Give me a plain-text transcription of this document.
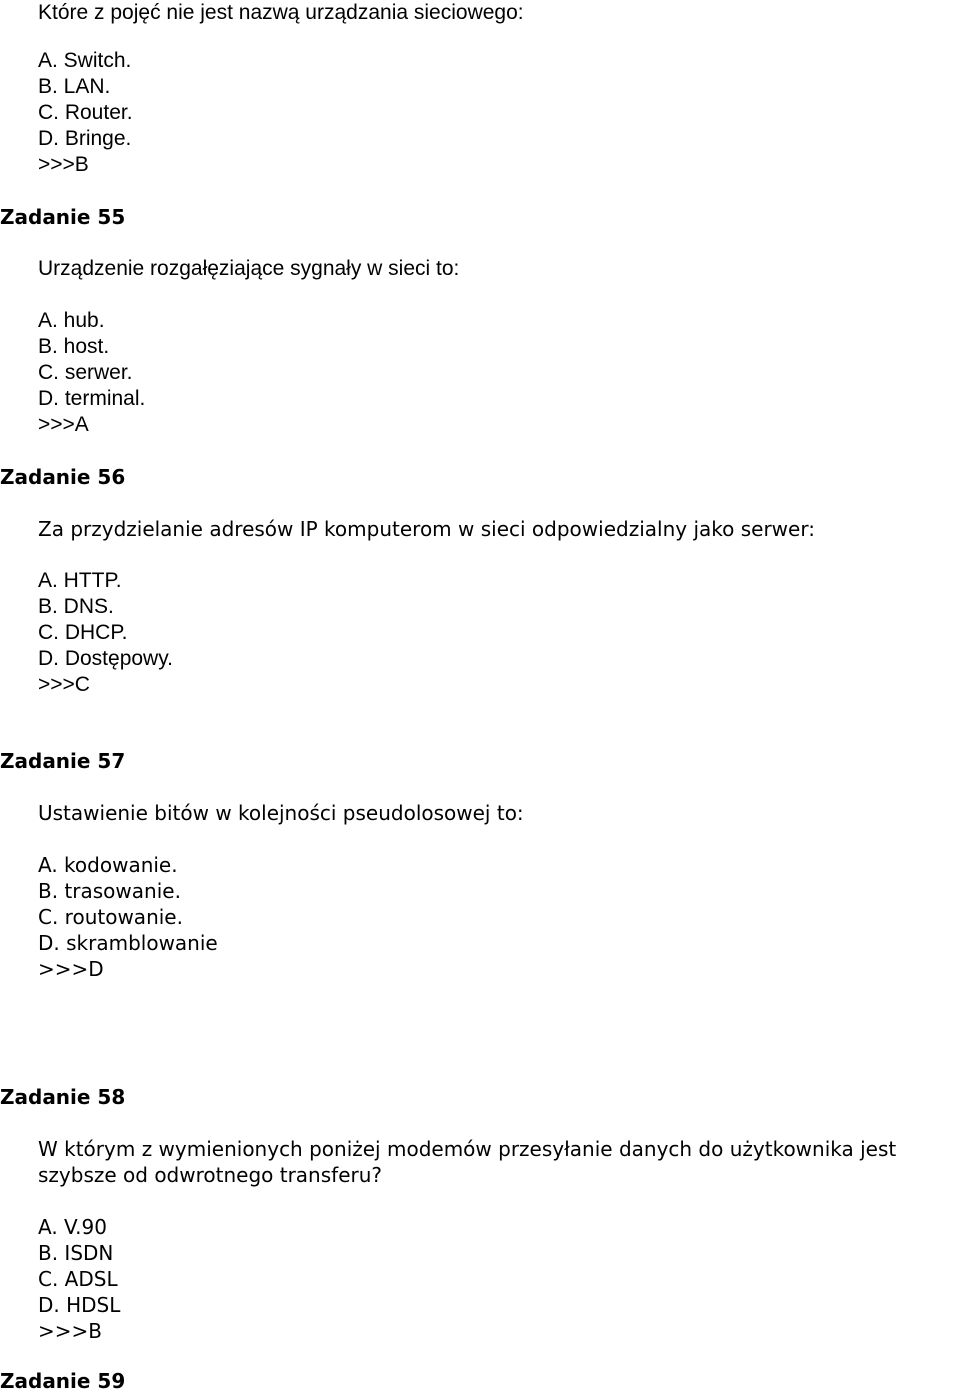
Które z pojęć nie jest nazwą urządzania sieciowego:

A. Switch.

B. LAN.

C. Router.

D. Bringe.

>>>B

Zadanie 55

Urządzenie rozgałęziające sygnały w sieci to:

A. hub.

B. host.

C. serwer.

D. terminal.

>>>A

Zadanie 56

Za przydzielanie adresów IP komputerom w sieci odpowiedzialny jako serwer:

A. HTTP.

B. DNS.

C. DHCP.

D. Dostępowy.

>>>C

Zadanie 57

Ustawienie bitów w kolejności pseudolosowej to:

A. kodowanie.

B. trasowanie.

C. routowanie.

D. skramblowanie

>>>D

Zadanie 58

W którym z wymienionych poniżej modemów przesyłanie danych do użytkownika jest

szybsze od odwrotnego transferu?

A. V.90

B. ISDN

C. ADSL

D. HDSL

>>>B

Zadanie 59
